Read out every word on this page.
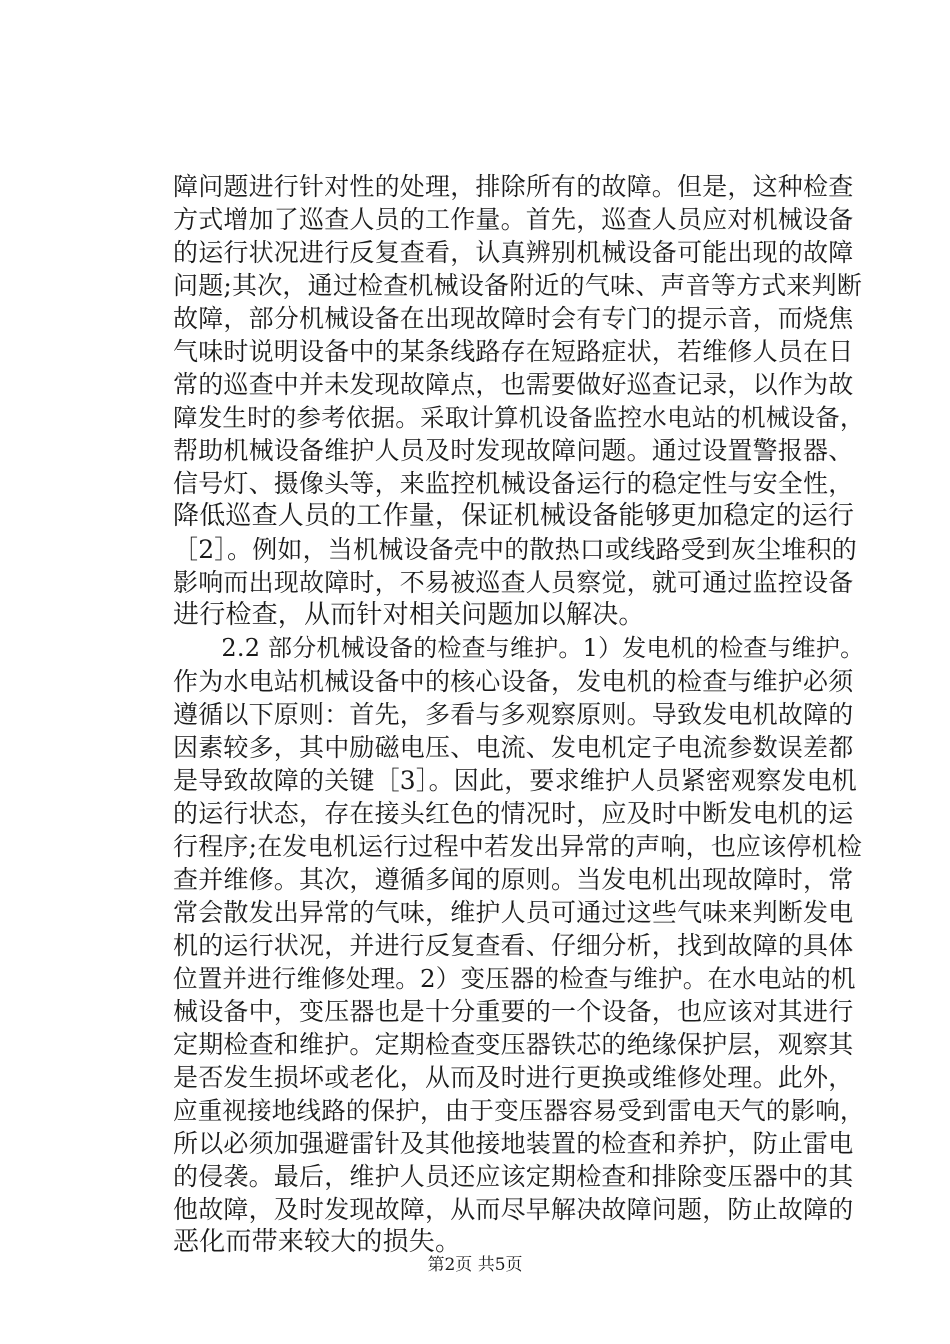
障问题进行针对性的处理，排除所有的故障。但是，这种检查
方式增加了巡查人员的工作量。首先，巡查人员应对机械设备
的运行状况进行反复查看，认真辨别机械设备可能出现的故障
问题;其次，通过检查机械设备附近的气味、声音等方式来判断
故障，部分机械设备在出现故障时会有专门的提示音，而烧焦
气味时说明设备中的某条线路存在短路症状，若维修人员在日
常的巡查中并未发现故障点，也需要做好巡查记录，以作为故
障发生时的参考依据。采取计算机设备监控水电站的机械设备，
帮助机械设备维护人员及时发现故障问题。通过设置警报器、
信号灯、摄像头等，来监控机械设备运行的稳定性与安全性，
降低巡查人员的工作量，保证机械设备能够更加稳定的运行
［2］。例如，当机械设备壳中的散热口或线路受到灰尘堆积的
影响而出现故障时，不易被巡查人员察觉，就可通过监控设备
进行检查，从而针对相关问题加以解决。
　　2.2 部分机械设备的检查与维护。1）发电机的检查与维护。
作为水电站机械设备中的核心设备，发电机的检查与维护必须
遵循以下原则：首先，多看与多观察原则。导致发电机故障的
因素较多，其中励磁电压、电流、发电机定子电流参数误差都
是导致故障的关键［3］。因此，要求维护人员紧密观察发电机
的运行状态，存在接头红色的情况时，应及时中断发电机的运
行程序;在发电机运行过程中若发出异常的声响，也应该停机检
查并维修。其次，遵循多闻的原则。当发电机出现故障时，常
常会散发出异常的气味，维护人员可通过这些气味来判断发电
机的运行状况，并进行反复查看、仔细分析，找到故障的具体
位置并进行维修处理。2）变压器的检查与维护。在水电站的机
械设备中，变压器也是十分重要的一个设备，也应该对其进行
定期检查和维护。定期检查变压器铁芯的绝缘保护层，观察其
是否发生损坏或老化，从而及时进行更换或维修处理。此外，
应重视接地线路的保护，由于变压器容易受到雷电天气的影响，
所以必须加强避雷针及其他接地装置的检查和养护，防止雷电
的侵袭。最后，维护人员还应该定期检查和排除变压器中的其
他故障，及时发现故障，从而尽早解决故障问题，防止故障的
恶化而带来较大的损失。
第2页 共5页
